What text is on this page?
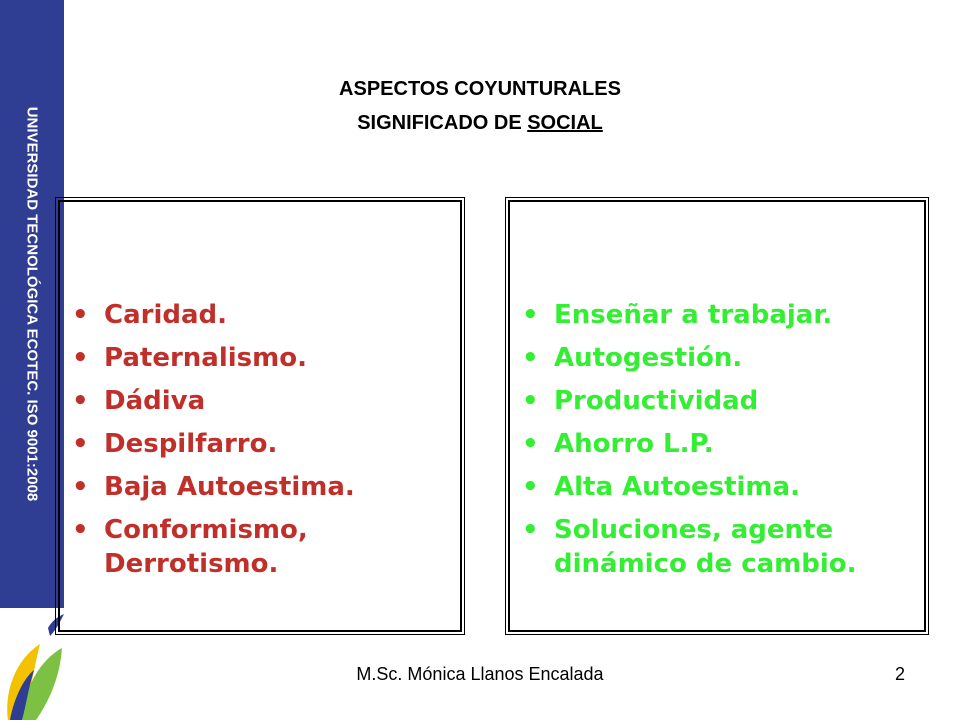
UNIVERSIDAD TECNOLÓGICA ECOTEC. ISO 9001:2008
ASPECTOS COYUNTURALES
SIGNIFICADO DE SOCIAL
• Caridad.
• Paternalismo.
• Dádiva
• Despilfarro.
• Baja Autoestima.
• Conformismo, Derrotismo.
• Enseñar a trabajar.
• Autogestión.
• Productividad
• Ahorro L.P.
• Alta Autoestima.
• Soluciones, agente dinámico de cambio.
M.Sc. Mónica Llanos Encalada	2
